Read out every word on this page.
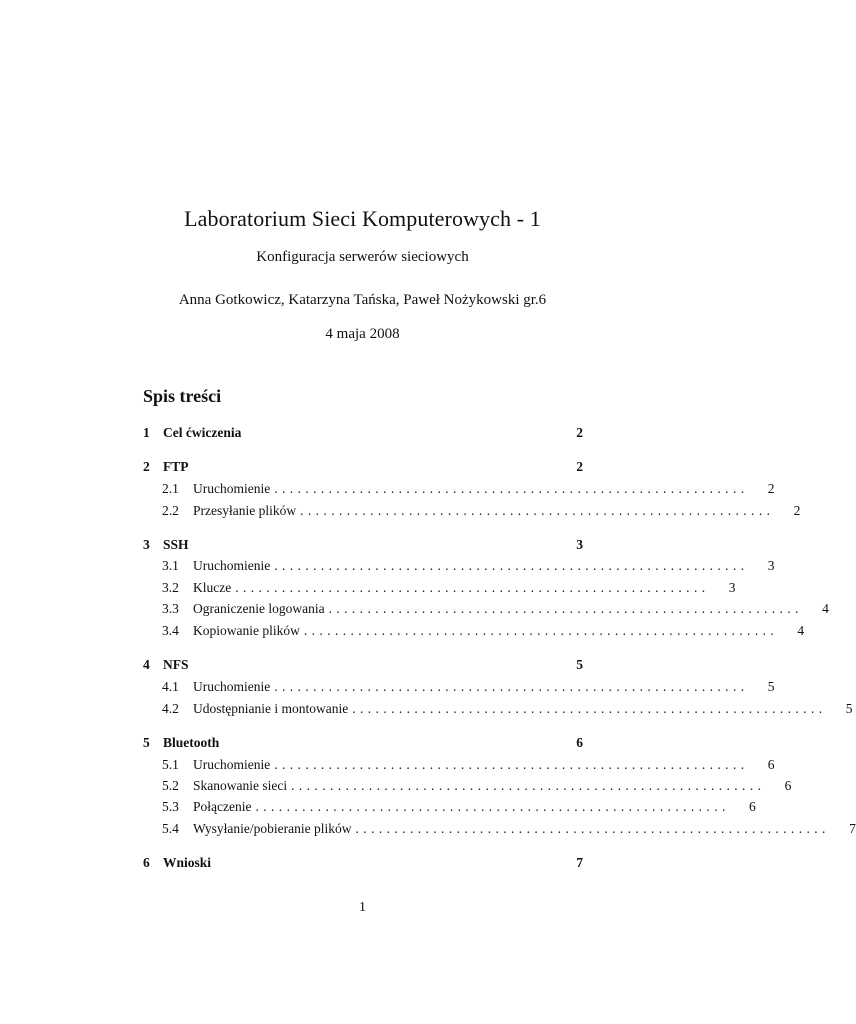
Laboratorium Sieci Komputerowych - 1
Konfiguracja serwerów sieciowych
Anna Gotkowicz, Katarzyna Tańska, Paweł Nożykowski gr.6
4 maja 2008
Spis treści
1 Cel ćwiczenia	2
2 FTP	2
2.1	Uruchomienie .............................................................	2
2.2	Przesyłanie plików .............................................................	2
3 SSH	3
3.1	Uruchomienie .............................................................	3
3.2	Klucze .............................................................	3
3.3	Ograniczenie logowania .............................................................	4
3.4	Kopiowanie plików .............................................................	4
4 NFS	5
4.1	Uruchomienie .............................................................	5
4.2	Udostępnianie i montowanie .............................................................	5
5 Bluetooth	6
5.1	Uruchomienie .............................................................	6
5.2	Skanowanie sieci .............................................................	6
5.3	Połączenie .............................................................	6
5.4	Wysyłanie/pobieranie plików .............................................................	7
6 Wnioski	7
1
